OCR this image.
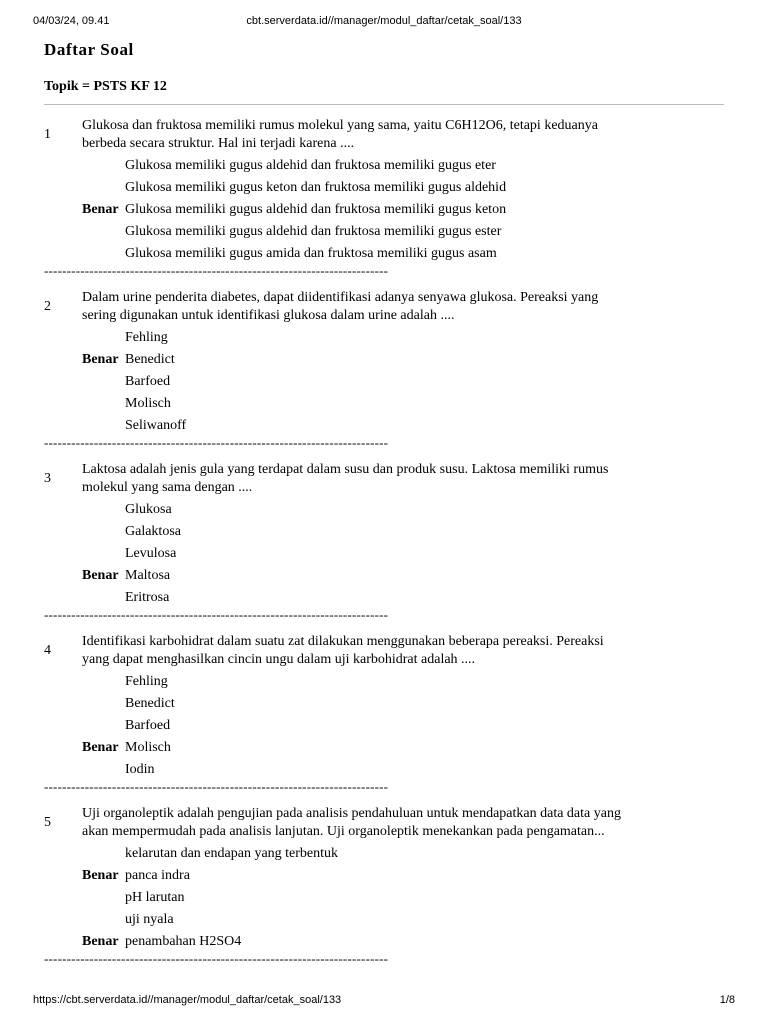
04/03/24, 09.41	cbt.serverdata.id//manager/modul_daftar/cetak_soal/133
Daftar Soal
Topik = PSTS KF 12
1
Glukosa dan fruktosa memiliki rumus molekul yang sama, yaitu C6H12O6, tetapi keduanya berbeda secara struktur. Hal ini terjadi karena ....
Glukosa memiliki gugus aldehid dan fruktosa memiliki gugus eter
Glukosa memiliki gugus keton dan fruktosa memiliki gugus aldehid
Benar Glukosa memiliki gugus aldehid dan fruktosa memiliki gugus keton
Glukosa memiliki gugus aldehid dan fruktosa memiliki gugus ester
Glukosa memiliki gugus amida dan fruktosa memiliki gugus asam
----------------------------------------------------------------------------
2
Dalam urine penderita diabetes, dapat diidentifikasi adanya senyawa glukosa. Pereaksi yang sering digunakan untuk identifikasi glukosa dalam urine adalah ....
Fehling
Benar Benedict
Barfoed
Molisch
Seliwanoff
----------------------------------------------------------------------------
3
Laktosa adalah jenis gula yang terdapat dalam susu dan produk susu. Laktosa memiliki rumus molekul yang sama dengan ....
Glukosa
Galaktosa
Levulosa
Benar Maltosa
Eritrosa
----------------------------------------------------------------------------
4
Identifikasi karbohidrat dalam suatu zat dilakukan menggunakan beberapa pereaksi. Pereaksi yang dapat menghasilkan cincin ungu dalam uji karbohidrat adalah ....
Fehling
Benedict
Barfoed
Benar Molisch
Iodin
----------------------------------------------------------------------------
5
Uji organoleptik adalah pengujian pada analisis pendahuluan untuk mendapatkan data data yang akan mempermudah pada analisis lanjutan. Uji organoleptik menekankan pada pengamatan...
kelarutan dan endapan yang terbentuk
Benar panca indra
pH larutan
uji nyala
Benar penambahan H2SO4
----------------------------------------------------------------------------
https://cbt.serverdata.id//manager/modul_daftar/cetak_soal/133	1/8
